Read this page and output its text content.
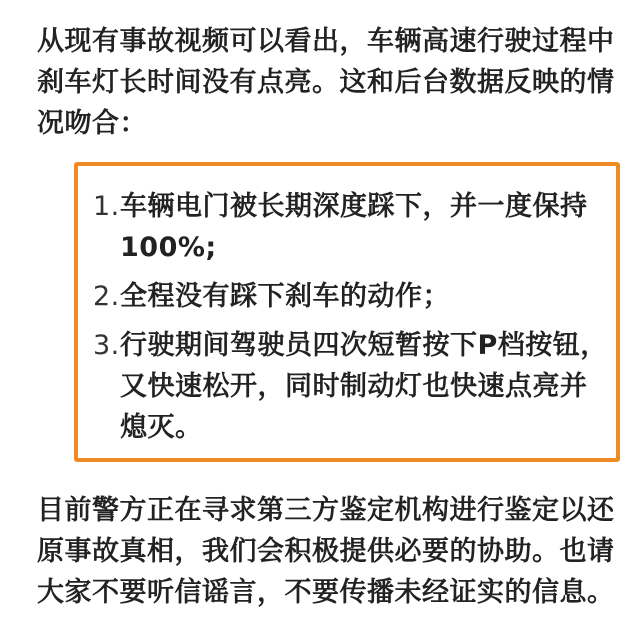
从现有事故视频可以看出，车辆高速行驶过程中刹车灯长时间没有点亮。这和后台数据反映的情况吻合：

1. 车辆电门被长期深度踩下，并一度保持100%;
2. 全程没有踩下刹车的动作；
3. 行驶期间驾驶员四次短暂按下P档按钮，又快速松开，同时制动灯也快速点亮并熄灭。

目前警方正在寻求第三方鉴定机构进行鉴定以还原事故真相，我们会积极提供必要的协助。也请大家不要听信谣言，不要传播未经证实的信息。
